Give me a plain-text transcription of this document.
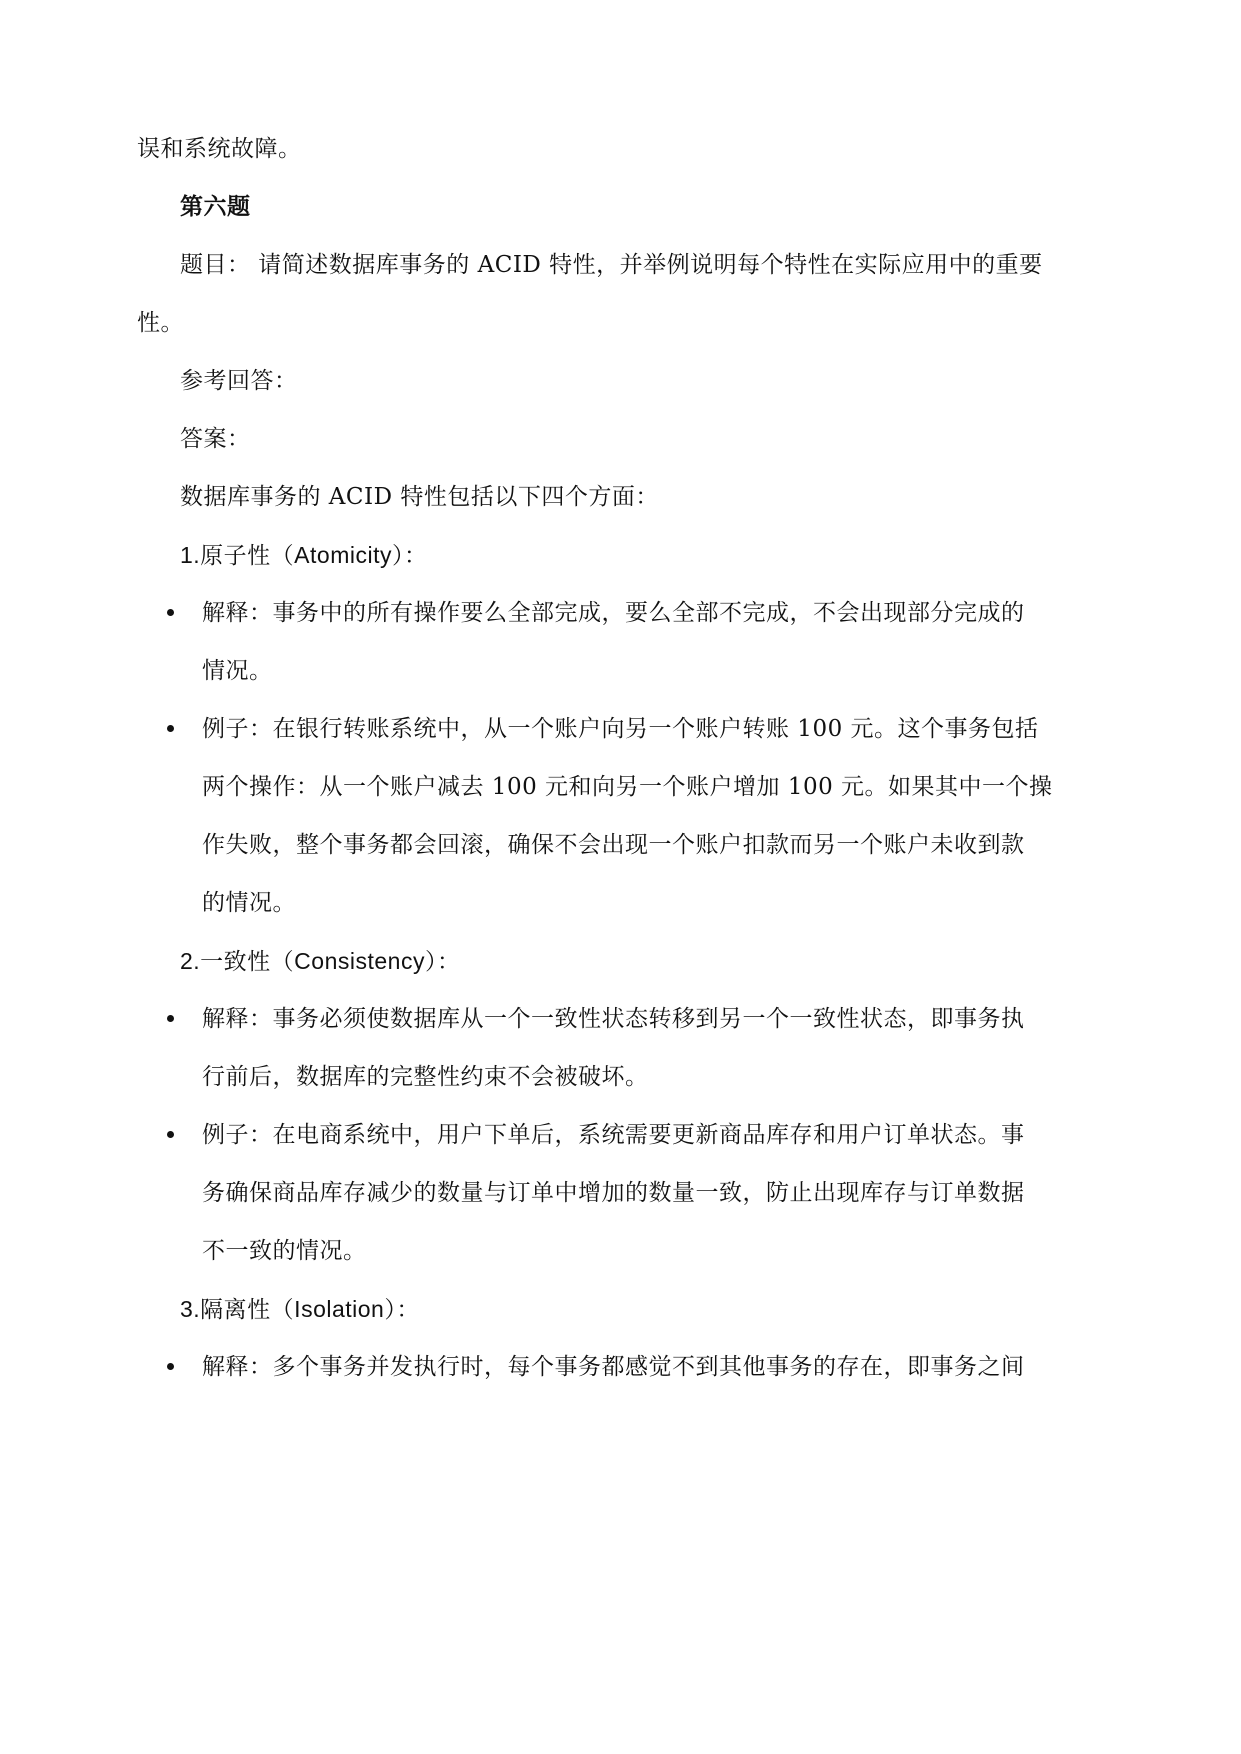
误和系统故障。
第六题
题目： 请简述数据库事务的 ACID 特性，并举例说明每个特性在实际应用中的重要
性。
参考回答：
答案：
数据库事务的 ACID 特性包括以下四个方面：
1.原子性（Atomicity）：
解释：事务中的所有操作要么全部完成，要么全部不完成，不会出现部分完成的
情况。
例子：在银行转账系统中，从一个账户向另一个账户转账 100 元。这个事务包括
两个操作：从一个账户减去 100 元和向另一个账户增加 100 元。如果其中一个操
作失败，整个事务都会回滚，确保不会出现一个账户扣款而另一个账户未收到款
的情况。
2.一致性（Consistency）：
解释：事务必须使数据库从一个一致性状态转移到另一个一致性状态，即事务执
行前后，数据库的完整性约束不会被破坏。
例子：在电商系统中，用户下单后，系统需要更新商品库存和用户订单状态。事
务确保商品库存减少的数量与订单中增加的数量一致，防止出现库存与订单数据
不一致的情况。
3.隔离性（Isolation）：
解释：多个事务并发执行时，每个事务都感觉不到其他事务的存在，即事务之间
